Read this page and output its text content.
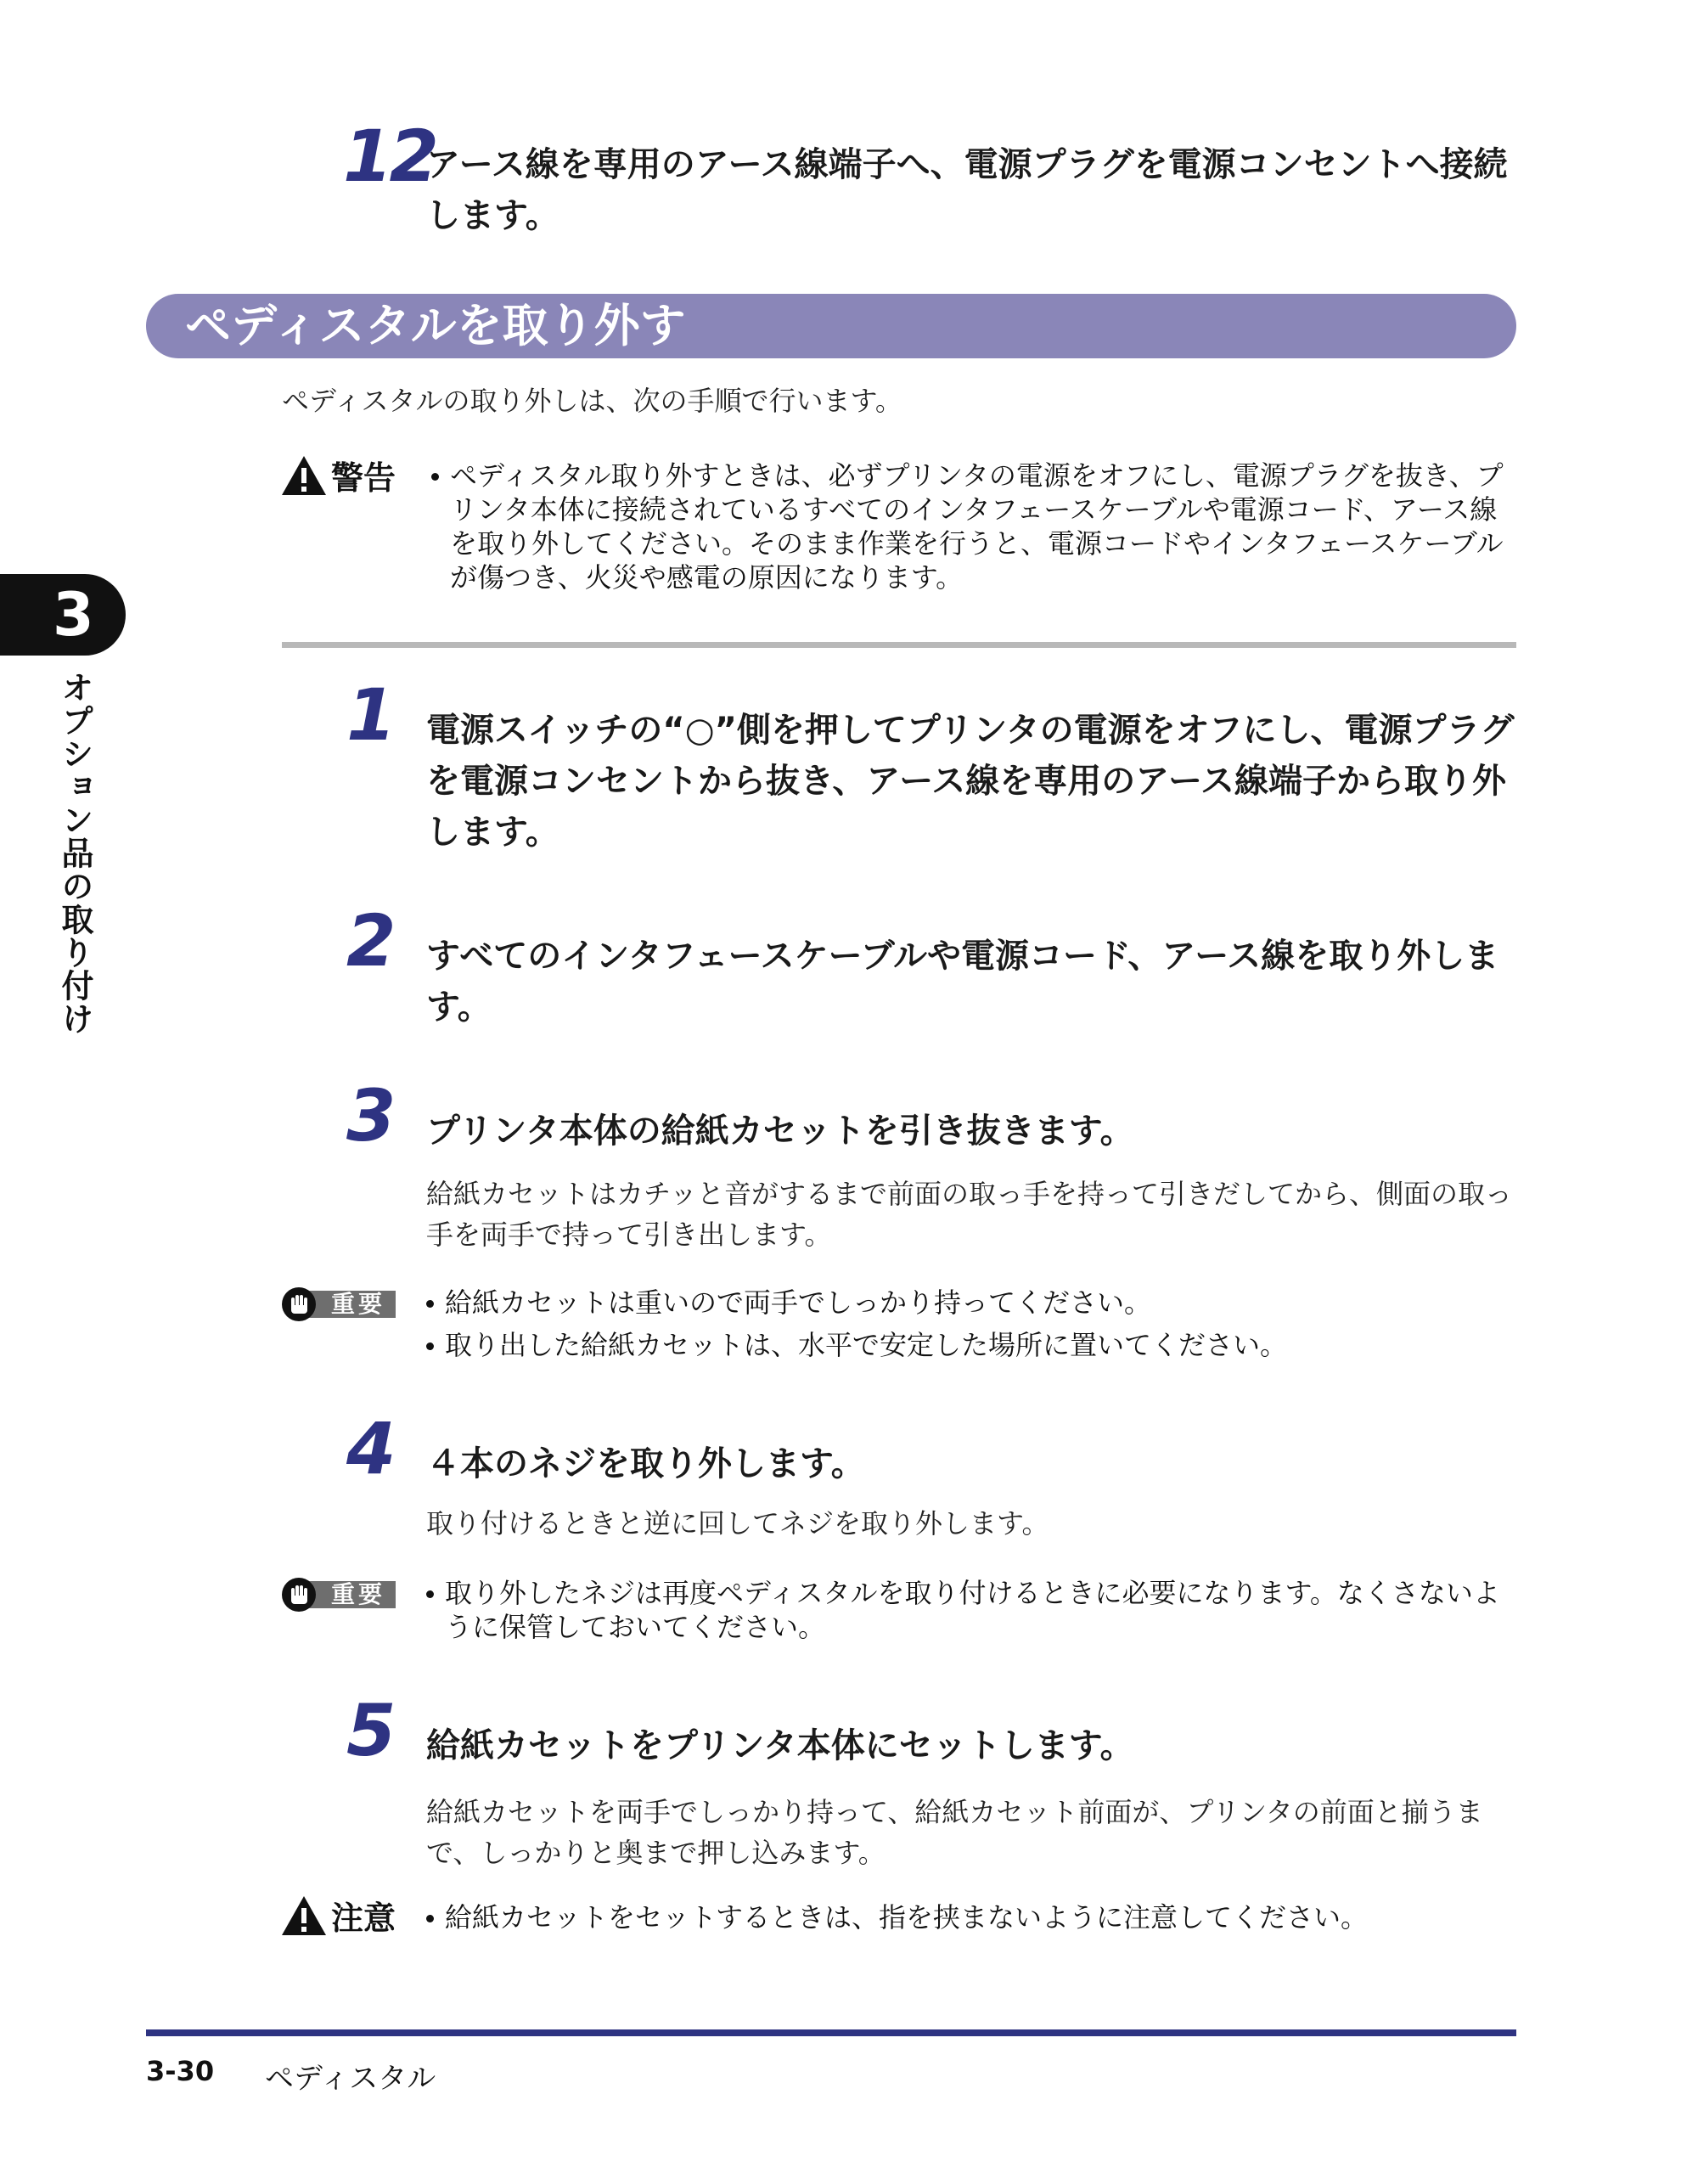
12
アース線を専用のアース線端子へ、電源プラグを電源コンセントへ接続します。
ペディスタルを取り外す
ペディスタルの取り外しは、次の手順で行います。
警告	ペディスタル取り外すときは、必ずプリンタの電源をオフにし、電源プラグを抜き、プリンタ本体に接続されているすべてのインタフェースケーブルや電源コード、アース線を取り外してください。そのまま作業を行うと、電源コードやインタフェースケーブルが傷つき、火災や感電の原因になります。
1 電源スイッチの“○”側を押してプリンタの電源をオフにし、電源プラグを電源コンセントから抜き、アース線を専用のアース線端子から取り外します。
2 すべてのインタフェースケーブルや電源コード、アース線を取り外します。
3 プリンタ本体の給紙カセットを引き抜きます。
給紙カセットはカチッと音がするまで前面の取っ手を持って引きだしてから、側面の取っ手を両手で持って引き出します。
重要	給紙カセットは重いので両手でしっかり持ってください。
取り出した給紙カセットは、水平で安定した場所に置いてください。
4 ４本のネジを取り外します。
取り付けるときと逆に回してネジを取り外します。
重要	取り外したネジは再度ペディスタルを取り付けるときに必要になります。なくさないように保管しておいてください。
5 給紙カセットをプリンタ本体にセットします。
給紙カセットを両手でしっかり持って、給紙カセット前面が、プリンタの前面と揃うまで、しっかりと奥まで押し込みます。
注意	給紙カセットをセットするときは、指を挟まないように注意してください。
3
オプション品の取り付け
3-30 ペディスタル
